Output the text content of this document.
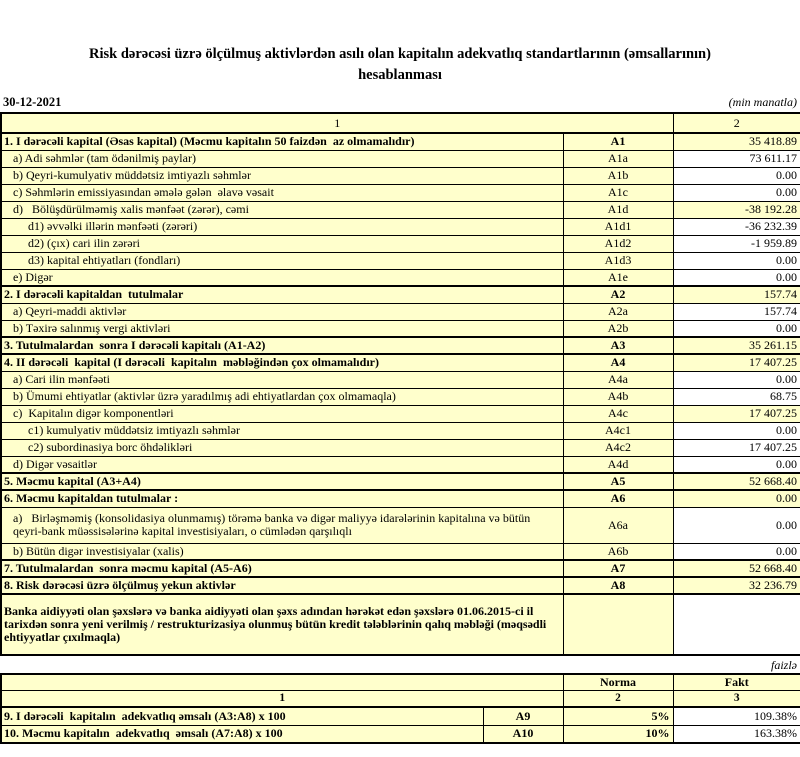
Risk dərəcəsi üzrə ölçülmuş aktivlərdən asılı olan kapitalın adekvatlıq standartlarının (əmsallarının)
hesablanması
30-12-2021	(min manatla)
1		2
1. I dərəcəli kapital (Əsas kapital) (Məcmu kapitalın 50 faizdən  az olmamalıdır)	A1	35 418.89
a) Adi səhmlər (tam ödənilmiş paylar)	A1a	73 611.17
b) Qeyri-kumulyativ müddətsiz imtiyazlı səhmlər	A1b	0.00
c) Səhmlərin emissiyasından əmələ gələn  əlavə vəsait	A1c	0.00
d)   Bölüşdürülməmiş xalis mənfəət (zərər), cəmi	A1d	-38 192.28
d1) əvvəlki illərin mənfəəti (zərəri)	A1d1	-36 232.39
d2) (çıx) cari ilin zərəri	A1d2	-1 959.89
d3) kapital ehtiyatları (fondları)	A1d3	0.00
e) Digər	A1e	0.00
2. I dərəcəli kapitaldan  tutulmalar	A2	157.74
a) Qeyri-maddi aktivlər	A2a	157.74
b) Təxirə salınmış vergi aktivləri	A2b	0.00
3. Tutulmalardan  sonra I dərəcəli kapitalı (A1-A2)	A3	35 261.15
4. II dərəcəli  kapital (I dərəcəli  kapitalın  məbləğindən çox olmamalıdır)	A4	17 407.25
a) Cari ilin mənfəəti	A4a	0.00
b) Ümumi ehtiyatlar (aktivlər üzrə yaradılmış adi ehtiyatlardan çox olmamaqla)	A4b	68.75
c)  Kapitalın digər komponentləri	A4c	17 407.25
c1) kumulyativ müddətsiz imtiyazlı səhmlər	A4c1	0.00
c2) subordinasiya borc öhdəlikləri	A4c2	17 407.25
d) Digər vəsaitlər	A4d	0.00
5. Məcmu kapital (A3+A4)	A5	52 668.40
6. Məcmu kapitaldan tutulmalar :	A6	0.00
a)   Birləşməmiş (konsolidasiya olunmamış) törəmə banka və digər maliyyə idarələrinin kapitalına və bütün qeyri-bank müəssisələrinə kapital investisiyaları, o cümlədən qarşılıqlı	A6a	0.00
b) Bütün digər investisiyalar (xalis)	A6b	0.00
7. Tutulmalardan  sonra məcmu kapital (A5-A6)	A7	52 668.40
8. Risk dərəcəsi üzrə ölçülmuş yekun aktivlər	A8	32 236.79
Banka aidiyyəti olan şəxslərə və banka aidiyyəti olan şəxs adından hərəkət edən şəxslərə 01.06.2015-ci il tarixdən sonra yeni verilmiş / restrukturizasiya olunmuş bütün kredit tələblərinin qalıq məbləği (məqsədli ehtiyyatlar çıxılmaqla)		
faizlə
		Norma	Fakt
1		2	3
9. I dərəcəli  kapitalın  adekvatlıq əmsalı (A3:A8) x 100	A9	5%	109.38%
10. Məcmu kapitalın  adekvatlıq  əmsalı (A7:A8) x 100	A10	10%	163.38%
